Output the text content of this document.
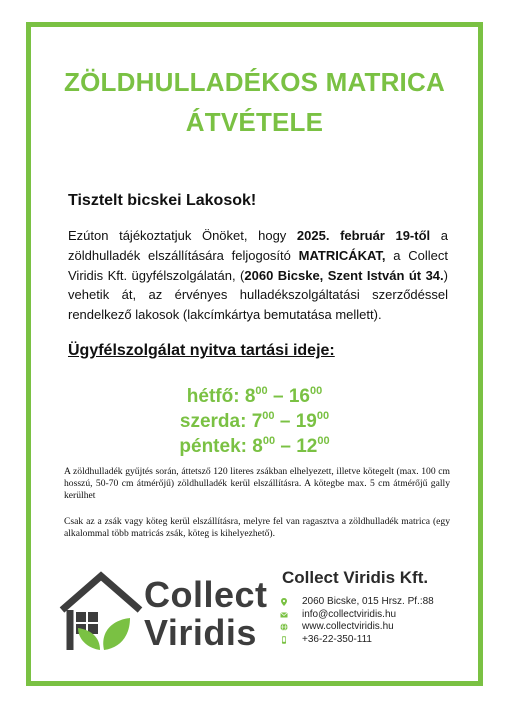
ZÖLDHULLADÉKOS MATRICA
ÁTVÉTELE
Tisztelt bicskei Lakosok!
Ezúton tájékoztatjuk Önöket, hogy 2025. február 19-től a zöldhulladék elszállítására feljogosító MATRICÁKAT, a Collect Viridis Kft. ügyfélszolgálatán, (2060 Bicske, Szent István út 34.) vehetik át, az érvényes hulladékszolgáltatási szerződéssel rendelkező lakosok (lakcímkártya bemutatása mellett).
Ügyfélszolgálat nyitva tartási ideje:
hétfő: $8^{00} - 16^{00}$
szerda: $7^{00} - 19^{00}$
péntek: $8^{00} - 12^{00}$
A zöldhulladék gyűjtés során, áttetsző 120 literes zsákban elhelyezett, illetve kötegelt (max. 100 cm hosszú, 50-70 cm átmérőjű) zöldhulladék kerül elszállításra. A kötegbe max. 5 cm átmérőjű gally kerülhet
Csak az a zsák vagy köteg kerül elszállításra, melyre fel van ragasztva a zöldhulladék matrica (egy alkalommal több matricás zsák, köteg is kihelyezhető).
Collect
Viridis
Collect Viridis Kft.
2060 Bicske, 015 Hrsz. Pf.:88
info@collectviridis.hu
www.collectviridis.hu
+36-22-350-111
